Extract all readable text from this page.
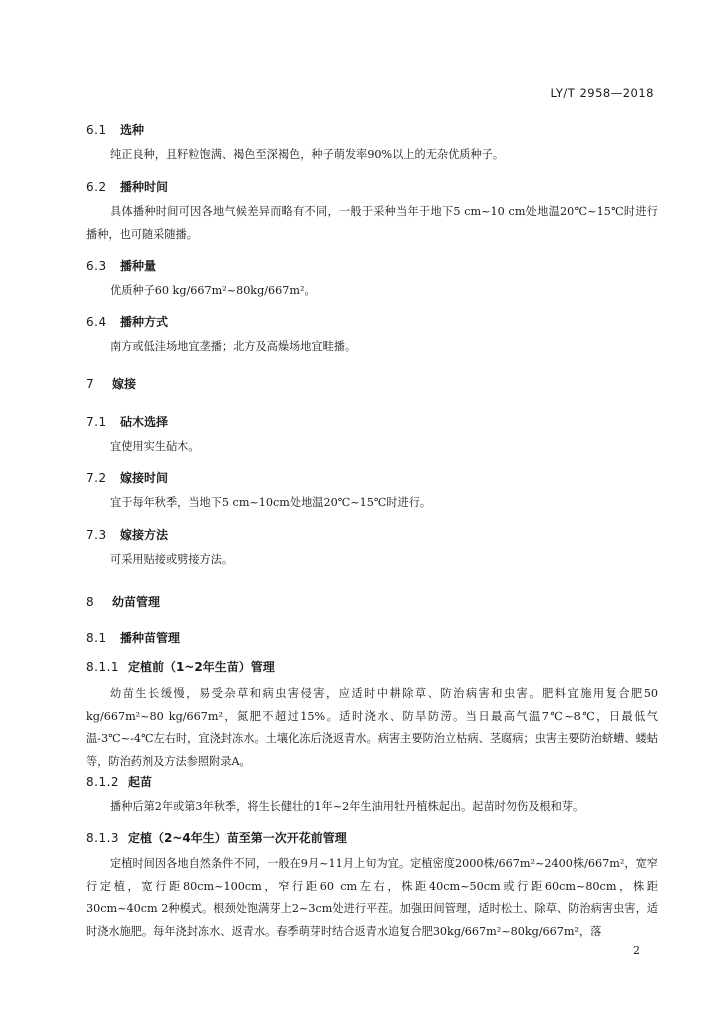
LY/T 2958—2018
6.1 选种

纯正良种，且籽粒饱满、褐色至深褐色，种子萌发率90%以上的无杂优质种子。

6.2 播种时间

具体播种时间可因各地气候差异而略有不同，一般于采种当年于地下5 cm~10 cm处地温20℃~15℃时进行播种，也可随采随播。

6.3 播种量

优质种子60 kg/667m²~80kg/667m²。

6.4 播种方式

南方或低洼场地宜垄播；北方及高燥场地宜畦播。

7 嫁接
7.1 砧木选择

宜使用实生砧木。

7.2 嫁接时间

宜于每年秋季，当地下5 cm~10cm处地温20℃~15℃时进行。

7.3 嫁接方法

可采用贴接或劈接方法。

8 幼苗管理
8.1 播种苗管理
8.1.1 定植前（1~2年生苗）管理

幼苗生长缓慢，易受杂草和病虫害侵害，应适时中耕除草、防治病害和虫害。肥料宜施用复合肥50 kg/667m²~80 kg/667m²，氮肥不超过15%。适时浇水、防旱防涝。当日最高气温7℃~8℃，日最低气温-3℃~-4℃左右时，宜浇封冻水。土壤化冻后浇返青水。病害主要防治立枯病、茎腐病；虫害主要防治蛴螬、蝼蛄等，防治药剂及方法参照附录A。

8.1.2 起苗

播种后第2年或第3年秋季，将生长健壮的1年~2年生油用牡丹植株起出。起苗时勿伤及根和芽。

8.1.3 定植（2~4年生）苗至第一次开花前管理

定植时间因各地自然条件不同，一般在9月~11月上旬为宜。定植密度2000株/667m²~2400株/667m²，宽窄行定植，宽行距80cm~100cm，窄行距60 cm左右，株距40cm~50cm或行距60cm~80cm，株距30cm~40cm 2种模式。根颈处饱满芽上2~3cm处进行平茬。加强田间管理，适时松土、除草、防治病害虫害，适时浇水施肥。每年浇封冻水、返青水。春季萌芽时结合返青水追复合肥30kg/667m²~80kg/667m²，落

2
